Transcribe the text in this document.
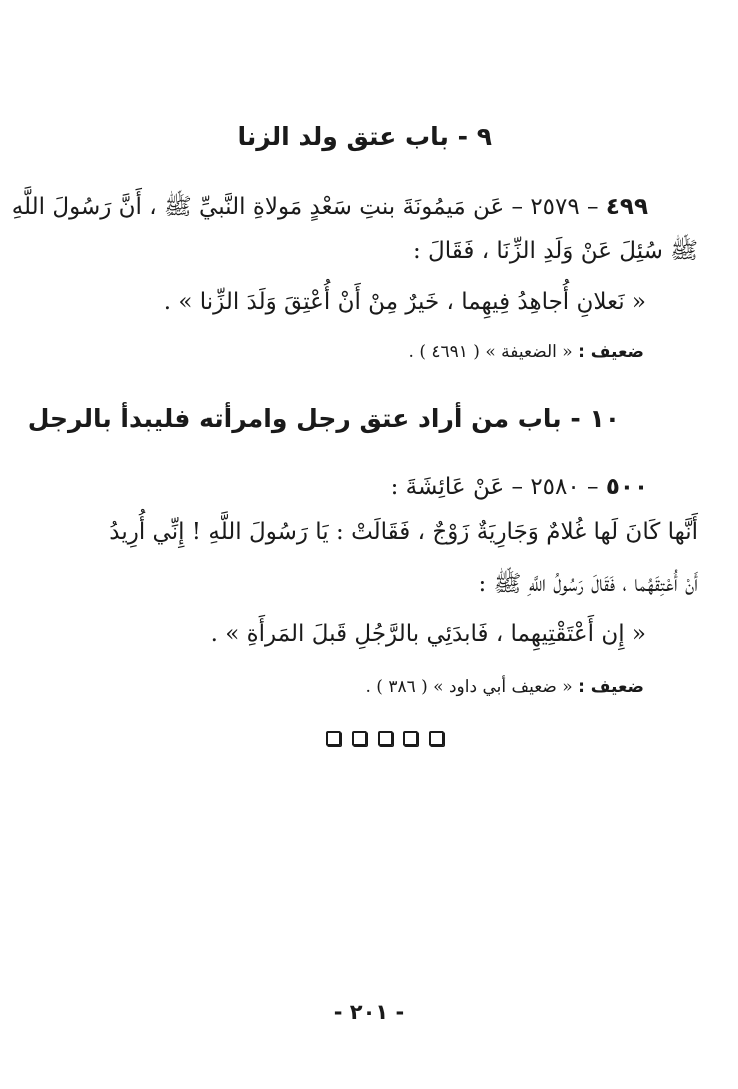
٩ - باب عتق ولد الزنا
٤٩٩ – ٢٥٧٩ – عَن مَيمُونَةَ بنتِ سَعْدٍ مَولاةِ النَّبيِّ ﷺ ، أَنَّ رَسُولَ اللَّهِ
ﷺ سُئِلَ عَنْ وَلَدِ الزِّنَا ، فَقَالَ :
« نَعلانِ أُجاهِدُ فِيهِما ، خَيرٌ مِنْ أَنْ أُعْتِقَ وَلَدَ الزِّنا » .
ضعيف : « الضعيفة » ( ٤٦٩١ ) .
١٠ - باب من أراد عتق رجل وامرأته فليبدأ بالرجل
٥٠٠ – ٢٥٨٠ – عَنْ عَائِشَةَ :
أَنَّها كَانَ لَها غُلامٌ وَجَارِيَةٌ زَوْجٌ ، فَقَالَتْ : يَا رَسُولَ اللَّهِ ! إِنِّي أُرِيدُ
أَنْ أُعْتِقَهُما ، فَقَالَ رَسُولُ اللَّهِ ﷺ :
« إِن أَعْتَقْتِيهِما ، فَابدَئِي بالرَّجُلِ قَبلَ المَرأَةِ » .
ضعيف : « ضعيف أبي داود » ( ٣٨٦ ) .
- ٢٠١ -
